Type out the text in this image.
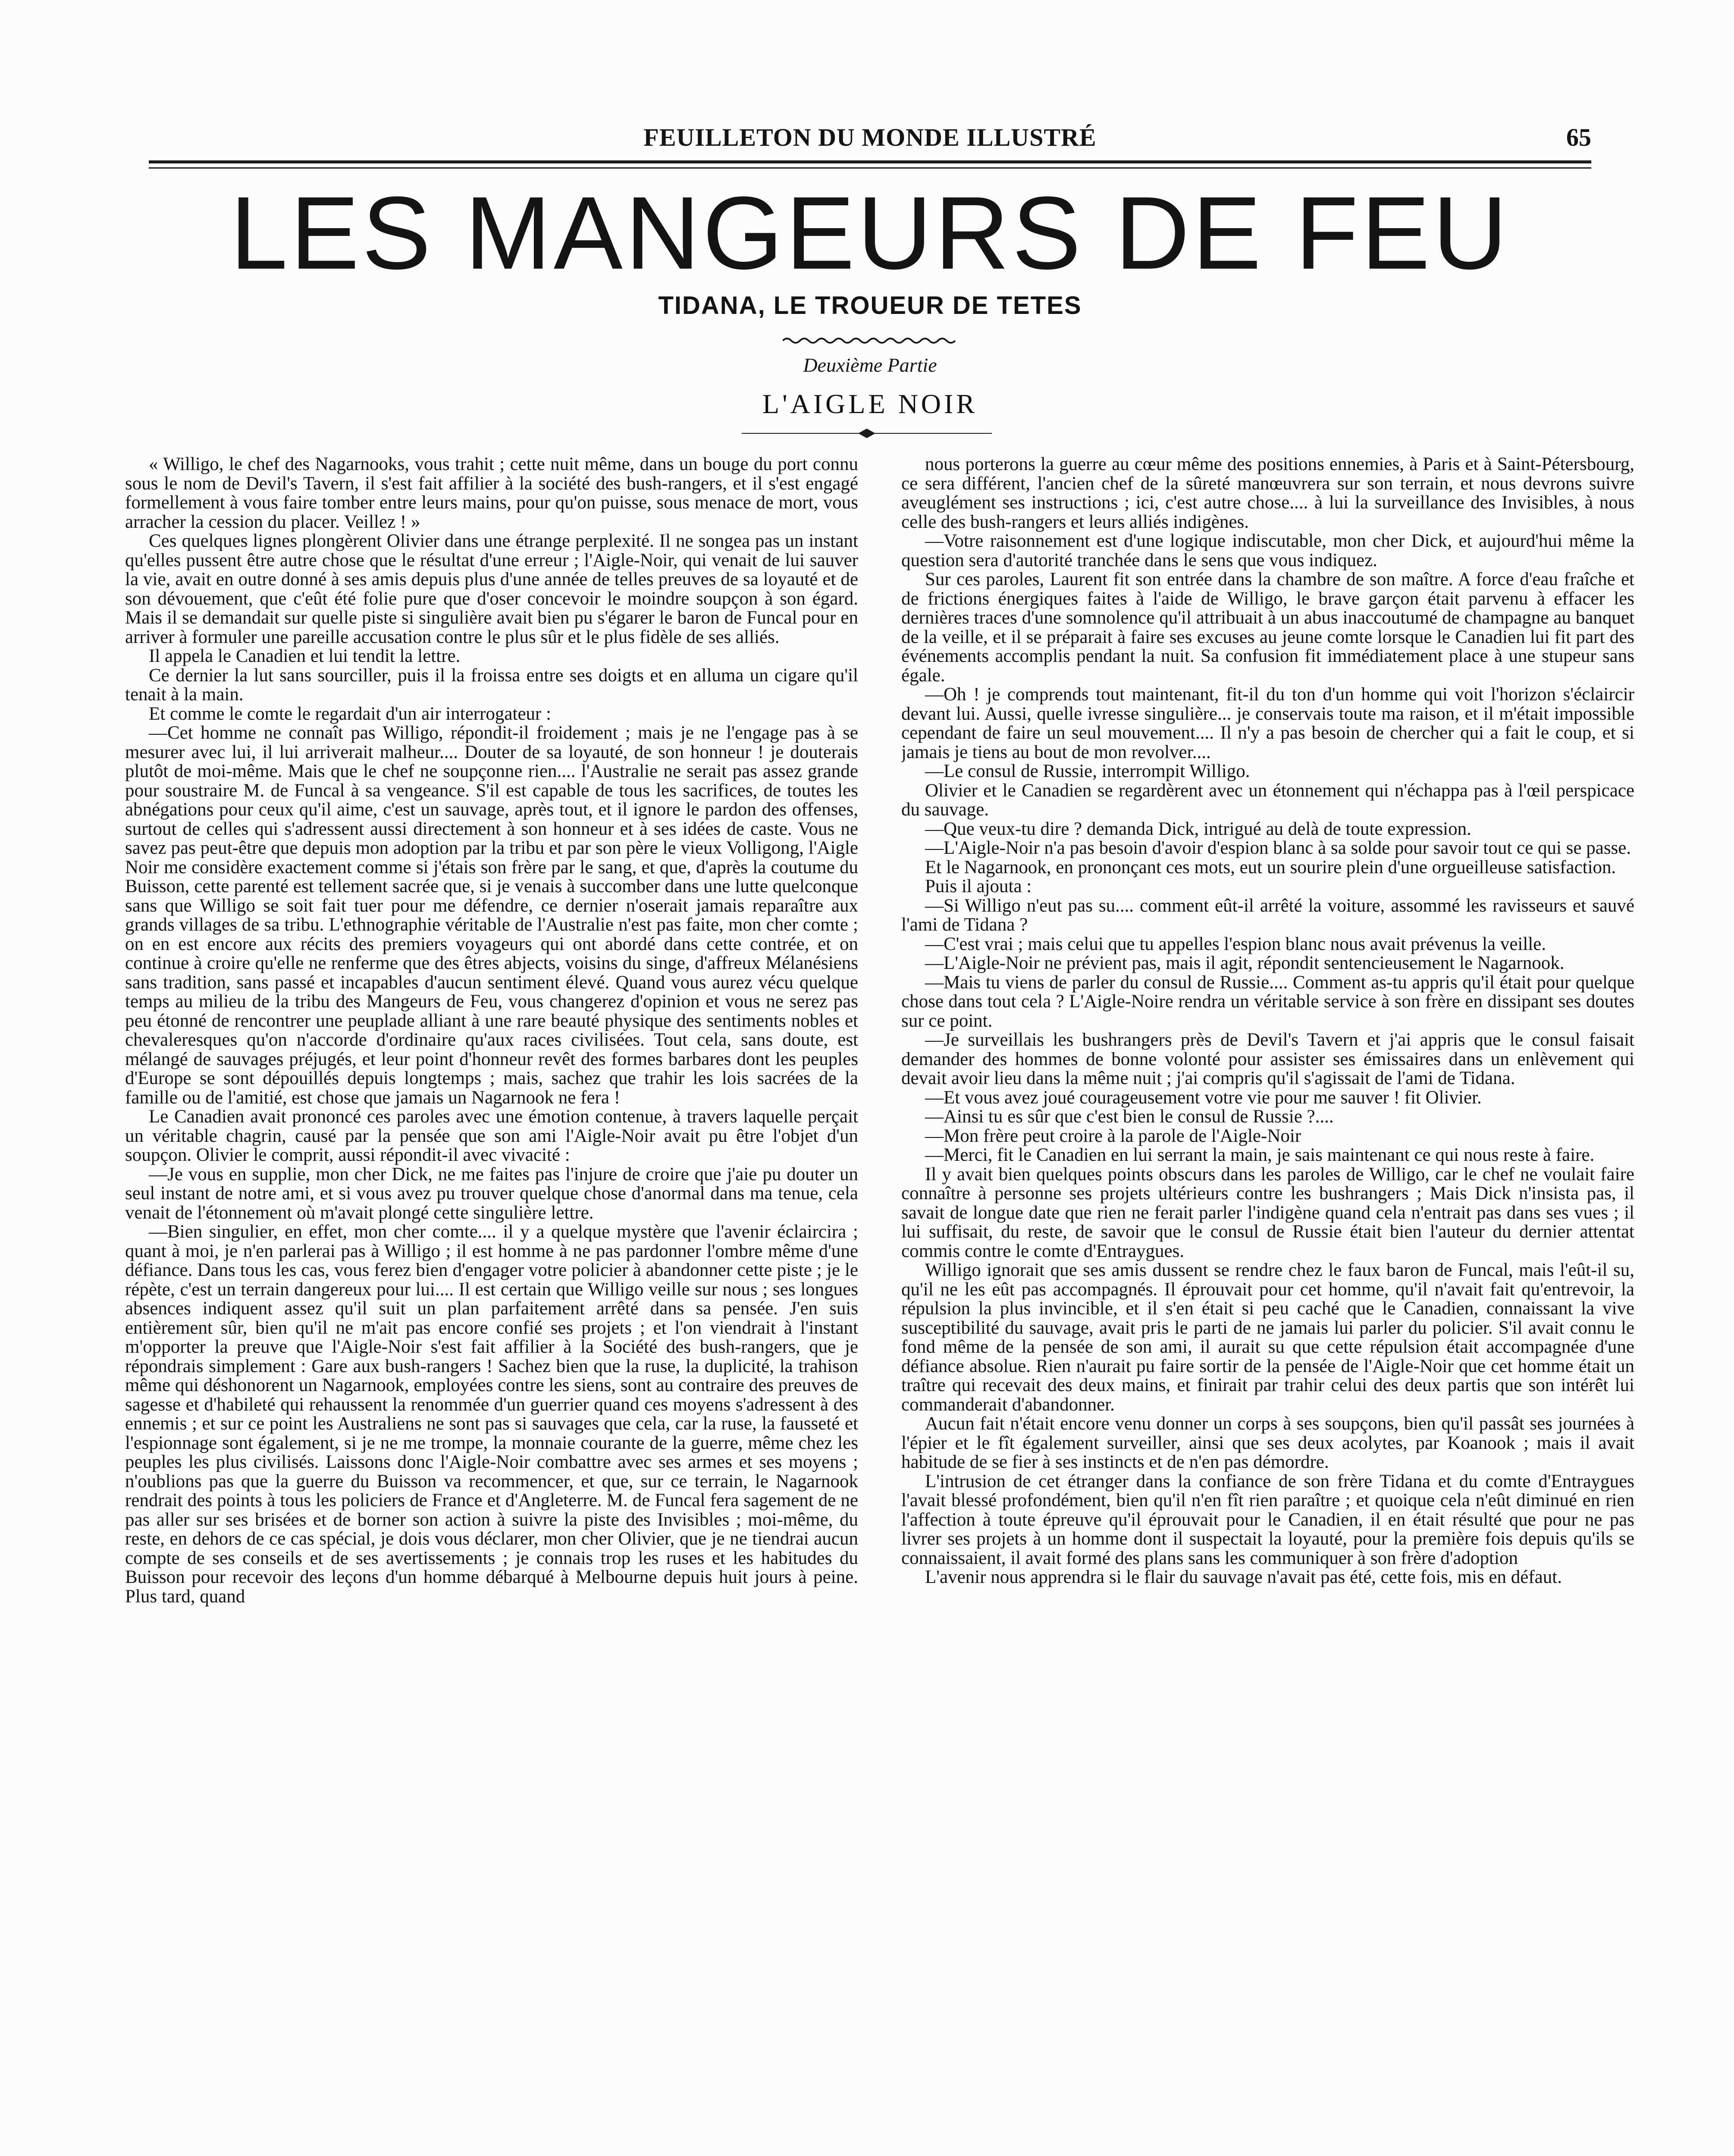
FEUILLETON DU MONDE ILLUSTRÉ	65
LES MANGEURS DE FEU
TIDANA, LE TROUEUR DE TETES
Deuxième Partie
L'AIGLE NOIR

« Willigo, le chef des Nagarnooks, vous trahit ; cette nuit même, dans un bouge du port connu sous le nom de Devil's Tavern, il s'est fait affilier à la société des bush-rangers, et il s'est engagé formellement à vous faire tomber entre leurs mains, pour qu'on puisse, sous menace de mort, vous arracher la cession du placer. Veillez ! »

Ces quelques lignes plongèrent Olivier dans une étrange perplexité. Il ne songea pas un instant qu'elles pussent être autre chose que le résultat d'une erreur ; l'Aigle-Noir, qui venait de lui sauver la vie, avait en outre donné à ses amis depuis plus d'une année de telles preuves de sa loyauté et de son dévouement, que c'eût été folie pure que d'oser concevoir le moindre soupçon à son égard. Mais il se demandait sur quelle piste si singulière avait bien pu s'égarer le baron de Funcal pour en arriver à formuler une pareille accusation contre le plus sûr et le plus fidèle de ses alliés.

Il appela le Canadien et lui tendit la lettre.

Ce dernier la lut sans sourciller, puis il la froissa entre ses doigts et en alluma un cigare qu'il tenait à la main.

Et comme le comte le regardait d'un air interrogateur :

—Cet homme ne connaît pas Willigo, répondit-il froidement ; mais je ne l'engage pas à se mesurer avec lui, il lui arriverait malheur.... Douter de sa loyauté, de son honneur ! je douterais plutôt de moi-même. Mais que le chef ne soupçonne rien.... l'Australie ne serait pas assez grande pour soustraire M. de Funcal à sa vengeance. S'il est capable de tous les sacrifices, de toutes les abnégations pour ceux qu'il aime, c'est un sauvage, après tout, et il ignore le pardon des offenses, surtout de celles qui s'adressent aussi directement à son honneur et à ses idées de caste. Vous ne savez pas peut-être que depuis mon adoption par la tribu et par son père le vieux Volligong, l'Aigle Noir me considère exactement comme si j'étais son frère par le sang, et que, d'après la coutume du Buisson, cette parenté est tellement sacrée que, si je venais à succomber dans une lutte quelconque sans que Willigo se soit fait tuer pour me défendre, ce dernier n'oserait jamais reparaître aux grands villages de sa tribu. L'ethnographie véritable de l'Australie n'est pas faite, mon cher comte ; on en est encore aux récits des premiers voyageurs qui ont abordé dans cette contrée, et on continue à croire qu'elle ne renferme que des êtres abjects, voisins du singe, d'affreux Mélanésiens sans tradition, sans passé et incapables d'aucun sentiment élevé. Quand vous aurez vécu quelque temps au milieu de la tribu des Mangeurs de Feu, vous changerez d'opinion et vous ne serez pas peu étonné de rencontrer une peuplade alliant à une rare beauté physique des sentiments nobles et chevaleresques qu'on n'accorde d'ordinaire qu'aux races civilisées. Tout cela, sans doute, est mélangé de sauvages préjugés, et leur point d'honneur revêt des formes barbares dont les peuples d'Europe se sont dépouillés depuis longtemps ; mais, sachez que trahir les lois sacrées de la famille ou de l'amitié, est chose que jamais un Nagarnook ne fera !

Le Canadien avait prononcé ces paroles avec une émotion contenue, à travers laquelle perçait un véritable chagrin, causé par la pensée que son ami l'Aigle-Noir avait pu être l'objet d'un soupçon. Olivier le comprit, aussi répondit-il avec vivacité :

—Je vous en supplie, mon cher Dick, ne me faites pas l'injure de croire que j'aie pu douter un seul instant de notre ami, et si vous avez pu trouver quelque chose d'anormal dans ma tenue, cela venait de l'étonnement où m'avait plongé cette singulière lettre.

—Bien singulier, en effet, mon cher comte.... il y a quelque mystère que l'avenir éclaircira ; quant à moi, je n'en parlerai pas à Willigo ; il est homme à ne pas pardonner l'ombre même d'une défiance. Dans tous les cas, vous ferez bien d'engager votre policier à abandonner cette piste ; je le répète, c'est un terrain dangereux pour lui.... Il est certain que Willigo veille sur nous ; ses longues absences indiquent assez qu'il suit un plan parfaitement arrêté dans sa pensée. J'en suis entièrement sûr, bien qu'il ne m'ait pas encore confié ses projets ; et l'on viendrait à l'instant m'opporter la preuve que l'Aigle-Noir s'est fait affilier à la Société des bush-rangers, que je répondrais simplement : Gare aux bush-rangers ! Sachez bien que la ruse, la duplicité, la trahison même qui déshonorent un Nagarnook, employées contre les siens, sont au contraire des preuves de sagesse et d'habileté qui rehaussent la renommée d'un guerrier quand ces moyens s'adressent à des ennemis ; et sur ce point les Australiens ne sont pas si sauvages que cela, car la ruse, la fausseté et l'espionnage sont également, si je ne me trompe, la monnaie courante de la guerre, même chez les peuples les plus civilisés. Laissons donc l'Aigle-Noir combattre avec ses armes et ses moyens ; n'oublions pas que la guerre du Buisson va recommencer, et que, sur ce terrain, le Nagarnook rendrait des points à tous les policiers de France et d'Angleterre. M. de Funcal fera sagement de ne pas aller sur ses brisées et de borner son action à suivre la piste des Invisibles ; moi-même, du reste, en dehors de ce cas spécial, je dois vous déclarer, mon cher Olivier, que je ne tiendrai aucun compte de ses conseils et de ses avertissements ; je connais trop les ruses et les habitudes du Buisson pour recevoir des leçons d'un homme débarqué à Melbourne depuis huit jours à peine. Plus tard, quand

nous porterons la guerre au cœur même des positions ennemies, à Paris et à Saint-Pétersbourg, ce sera différent, l'ancien chef de la sûreté manœuvrera sur son terrain, et nous devrons suivre aveuglément ses instructions ; ici, c'est autre chose.... à lui la surveillance des Invisibles, à nous celle des bush-rangers et leurs alliés indigènes.

—Votre raisonnement est d'une logique indiscutable, mon cher Dick, et aujourd'hui même la question sera d'autorité tranchée dans le sens que vous indiquez.

Sur ces paroles, Laurent fit son entrée dans la chambre de son maître. A force d'eau fraîche et de frictions énergiques faites à l'aide de Willigo, le brave garçon était parvenu à effacer les dernières traces d'une somnolence qu'il attribuait à un abus inaccoutumé de champagne au banquet de la veille, et il se préparait à faire ses excuses au jeune comte lorsque le Canadien lui fit part des événements accomplis pendant la nuit. Sa confusion fit immédiatement place à une stupeur sans égale.

—Oh ! je comprends tout maintenant, fit-il du ton d'un homme qui voit l'horizon s'éclaircir devant lui. Aussi, quelle ivresse singulière... je conservais toute ma raison, et il m'était impossible cependant de faire un seul mouvement.... Il n'y a pas besoin de chercher qui a fait le coup, et si jamais je tiens au bout de mon revolver....

—Le consul de Russie, interrompit Willigo.

Olivier et le Canadien se regardèrent avec un étonnement qui n'échappa pas à l'œil perspicace du sauvage.

—Que veux-tu dire ? demanda Dick, intrigué au delà de toute expression.

—L'Aigle-Noir n'a pas besoin d'avoir d'espion blanc à sa solde pour savoir tout ce qui se passe.

Et le Nagarnook, en prononçant ces mots, eut un sourire plein d'une orgueilleuse satisfaction.

Puis il ajouta :

—Si Willigo n'eut pas su.... comment eût-il arrêté la voiture, assommé les ravisseurs et sauvé l'ami de Tidana ?

—C'est vrai ; mais celui que tu appelles l'espion blanc nous avait prévenus la veille.

—L'Aigle-Noir ne prévient pas, mais il agit, répondit sentencieusement le Nagarnook.

—Mais tu viens de parler du consul de Russie.... Comment as-tu appris qu'il était pour quelque chose dans tout cela ? L'Aigle-Noire rendra un véritable service à son frère en dissipant ses doutes sur ce point.

—Je surveillais les bushrangers près de Devil's Tavern et j'ai appris que le consul faisait demander des hommes de bonne volonté pour assister ses émissaires dans un enlèvement qui devait avoir lieu dans la même nuit ; j'ai compris qu'il s'agissait de l'ami de Tidana.

—Et vous avez joué courageusement votre vie pour me sauver ! fit Olivier.

—Ainsi tu es sûr que c'est bien le consul de Russie ?....

—Mon frère peut croire à la parole de l'Aigle-Noir

—Merci, fit le Canadien en lui serrant la main, je sais maintenant ce qui nous reste à faire.

Il y avait bien quelques points obscurs dans les paroles de Willigo, car le chef ne voulait faire connaître à personne ses projets ultérieurs contre les bushrangers ; Mais Dick n'insista pas, il savait de longue date que rien ne ferait parler l'indigène quand cela n'entrait pas dans ses vues ; il lui suffisait, du reste, de savoir que le consul de Russie était bien l'auteur du dernier attentat commis contre le comte d'Entraygues.

Willigo ignorait que ses amis dussent se rendre chez le faux baron de Funcal, mais l'eût-il su, qu'il ne les eût pas accompagnés. Il éprouvait pour cet homme, qu'il n'avait fait qu'entrevoir, la répulsion la plus invincible, et il s'en était si peu caché que le Canadien, connaissant la vive susceptibilité du sauvage, avait pris le parti de ne jamais lui parler du policier. S'il avait connu le fond même de la pensée de son ami, il aurait su que cette répulsion était accompagnée d'une défiance absolue. Rien n'aurait pu faire sortir de la pensée de l'Aigle-Noir que cet homme était un traître qui recevait des deux mains, et finirait par trahir celui des deux partis que son intérêt lui commanderait d'abandonner.

Aucun fait n'était encore venu donner un corps à ses soupçons, bien qu'il passât ses journées à l'épier et le fît également surveiller, ainsi que ses deux acolytes, par Koanook ; mais il avait habitude de se fier à ses instincts et de n'en pas démordre.

L'intrusion de cet étranger dans la confiance de son frère Tidana et du comte d'Entraygues l'avait blessé profondément, bien qu'il n'en fît rien paraître ; et quoique cela n'eût diminué en rien l'affection à toute épreuve qu'il éprouvait pour le Canadien, il en était résulté que pour ne pas livrer ses projets à un homme dont il suspectait la loyauté, pour la première fois depuis qu'ils se connaissaient, il avait formé des plans sans les communiquer à son frère d'adoption

L'avenir nous apprendra si le flair du sauvage n'avait pas été, cette fois, mis en défaut.
